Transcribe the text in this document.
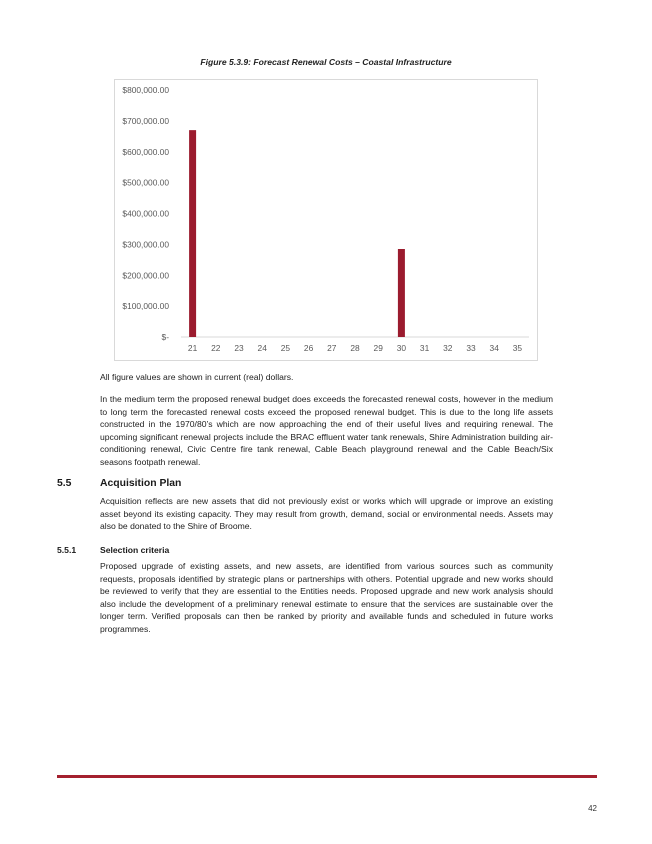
Figure 5.3.9: Forecast Renewal Costs – Coastal Infrastructure
$-
$100,000.00
$200,000.00
$300,000.00
$400,000.00
$500,000.00
$600,000.00
$700,000.00
$800,000.00
21 22 23 24 25 26 27 28 29 30 31 32 33 34 35

All figure values are shown in current (real) dollars.

In the medium term the proposed renewal budget does exceeds the forecasted renewal costs, however in the medium to long term the forecasted renewal costs exceed the proposed renewal budget. This is due to the long life assets constructed in the 1970/80’s which are now approaching the end of their useful lives and requiring renewal. The upcoming significant renewal projects include the BRAC effluent water tank renewals, Shire Administration building air-conditioning renewal, Civic Centre fire tank renewal, Cable Beach playground renewal and the Cable Beach/Six seasons footpath renewal.

5.5	Acquisition Plan

Acquisition reflects are new assets that did not previously exist or works which will upgrade or improve an existing asset beyond its existing capacity. They may result from growth, demand, social or environmental needs. Assets may also be donated to the Shire of Broome.

5.5.1	Selection criteria

Proposed upgrade of existing assets, and new assets, are identified from various sources such as community requests, proposals identified by strategic plans or partnerships with others. Potential upgrade and new works should be reviewed to verify that they are essential to the Entities needs. Proposed upgrade and new work analysis should also include the development of a preliminary renewal estimate to ensure that the services are sustainable over the longer term. Verified proposals can then be ranked by priority and available funds and scheduled in future works programmes.

42
